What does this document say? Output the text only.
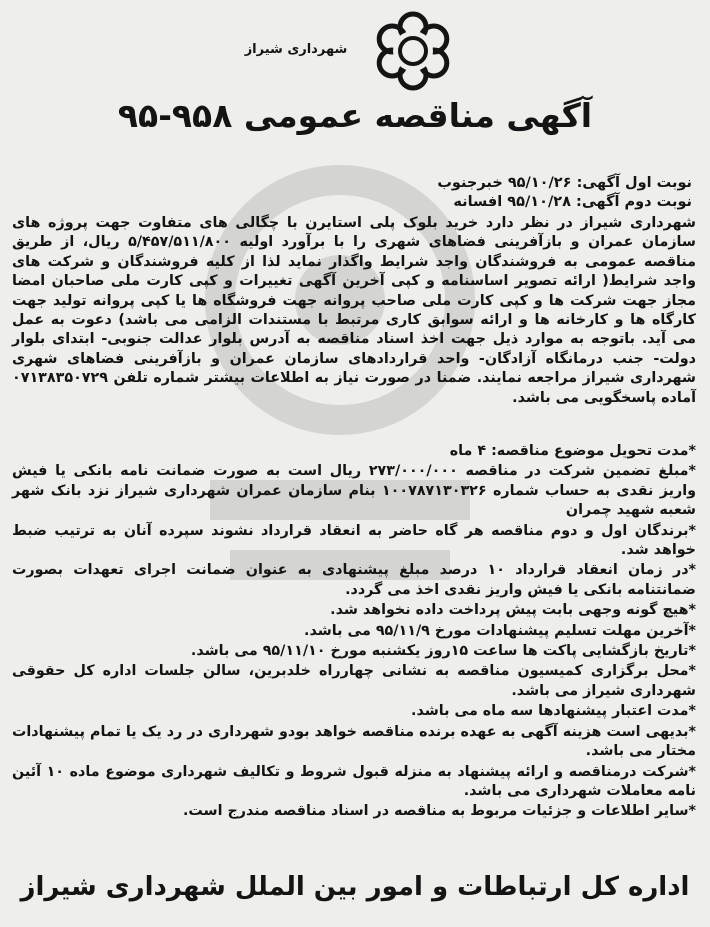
شهرداری شیراز
آگهی مناقصه عمومی ۹۵۸-۹۵
نوبت اول آگهی: ۹۵/۱۰/۲۶ خبرجنوب
نوبت دوم آگهی: ۹۵/۱۰/۲۸ افسانه
شهرداری شیراز در نظر دارد خرید بلوک پلی استایرن با چگالی های متفاوت جهت پروژه های سازمان عمران و بازآفرینی فضاهای شهری را با برآورد اولیه ۵/۴۵۷/۵۱۱/۸۰۰ ریال، از طریق مناقصه عمومی به فروشندگان واجد شرایط واگذار نماید لذا از کلیه فروشندگان و شرکت های واجد شرایط( ارائه تصویر اساسنامه و کپی آخرین آگهی تغییرات و کپی کارت ملی صاحبان امضا مجاز جهت شرکت ها و کپی کارت ملی صاحب پروانه جهت فروشگاه ها یا کپی پروانه تولید جهت کارگاه ها و کارخانه ها و ارائه سوابق کاری مرتبط با مستندات الزامی می باشد) دعوت به عمل می آید. باتوجه به موارد ذیل جهت اخذ اسناد مناقصه به آدرس بلوار عدالت جنوبی- ابتدای بلوار دولت- جنب درمانگاه آزادگان- واحد قراردادهای سازمان عمران و بازآفرینی فضاهای شهری شهرداری شیراز مراجعه نمایند. ضمنا در صورت نیاز به اطلاعات بیشتر شماره تلفن ۰۷۱۳۸۳۵۰۷۲۹ آماده پاسخگویی می باشد.
*مدت تحویل موضوع مناقصه: ۴ ماه
*مبلغ تضمین شرکت در مناقصه ۲۷۳/۰۰۰/۰۰۰ ریال است به صورت ضمانت نامه بانکی یا فیش واریز نقدی به حساب شماره ۱۰۰۷۸۷۱۳۰۳۲۶ بنام سازمان عمران شهرداری شیراز نزد بانک شهر شعبه شهید چمران
*برندگان اول و دوم مناقصه هر گاه حاضر به انعقاد قرارداد نشوند سپرده آنان به ترتیب ضبط خواهد شد.
*در زمان انعقاد قرارداد ۱۰ درصد مبلغ پیشنهادی به عنوان ضمانت اجرای تعهدات بصورت ضمانتنامه بانکی یا فیش واریز نقدی اخذ می گردد.
*هیچ گونه وجهی بابت پیش پرداخت داده نخواهد شد.
*آخرین مهلت تسلیم پیشنهادات مورخ ۹۵/۱۱/۹ می باشد.
*تاریخ بازگشایی پاکت ها ساعت ۱۵روز یکشنبه مورخ ۹۵/۱۱/۱۰ می باشد.
*محل برگزاری کمیسیون مناقصه به نشانی چهارراه خلدبرین، سالن جلسات اداره کل حقوقی شهرداری شیراز می باشد.
*مدت اعتبار پیشنهادها سه ماه می باشد.
*بدیهی است هزینه آگهی به عهده برنده مناقصه خواهد بودو شهرداری در رد یک یا تمام پیشنهادات مختار می باشد.
*شرکت درمناقصه و ارائه پیشنهاد به منزله قبول شروط و تکالیف شهرداری موضوع ماده ۱۰ آئین نامه معاملات شهرداری می باشد.
*سایر اطلاعات و جزئیات مربوط به مناقصه در اسناد مناقصه مندرج است.
اداره کل ارتباطات و امور بین الملل شهرداری شیراز
